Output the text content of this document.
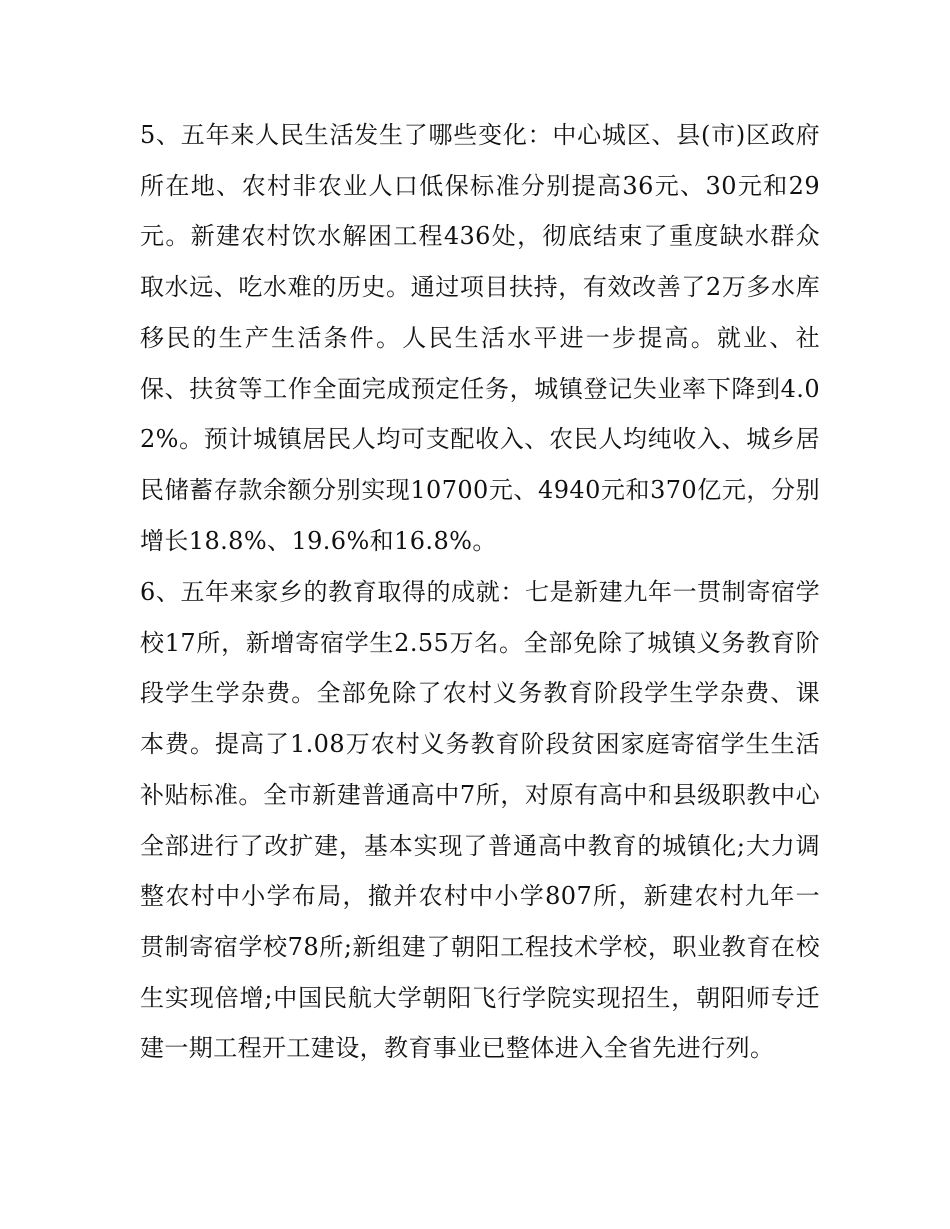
5、五年来人民生活发生了哪些变化：中心城区、县(市)区政府所在地、农村非农业人口低保标准分别提高36元、30元和29元。新建农村饮水解困工程436处，彻底结束了重度缺水群众取水远、吃水难的历史。通过项目扶持，有效改善了2万多水库移民的生产生活条件。人民生活水平进一步提高。就业、社保、扶贫等工作全面完成预定任务，城镇登记失业率下降到4.02%。预计城镇居民人均可支配收入、农民人均纯收入、城乡居民储蓄存款余额分别实现10700元、4940元和370亿元，分别增长18.8%、19.6%和16.8%。

6、五年来家乡的教育取得的成就：七是新建九年一贯制寄宿学校17所，新增寄宿学生2.55万名。全部免除了城镇义务教育阶段学生学杂费。全部免除了农村义务教育阶段学生学杂费、课本费。提高了1.08万农村义务教育阶段贫困家庭寄宿学生生活补贴标准。全市新建普通高中7所，对原有高中和县级职教中心全部进行了改扩建，基本实现了普通高中教育的城镇化;大力调整农村中小学布局，撤并农村中小学807所，新建农村九年一贯制寄宿学校78所;新组建了朝阳工程技术学校，职业教育在校生实现倍增;中国民航大学朝阳飞行学院实现招生，朝阳师专迁建一期工程开工建设，教育事业已整体进入全省先进行列。
